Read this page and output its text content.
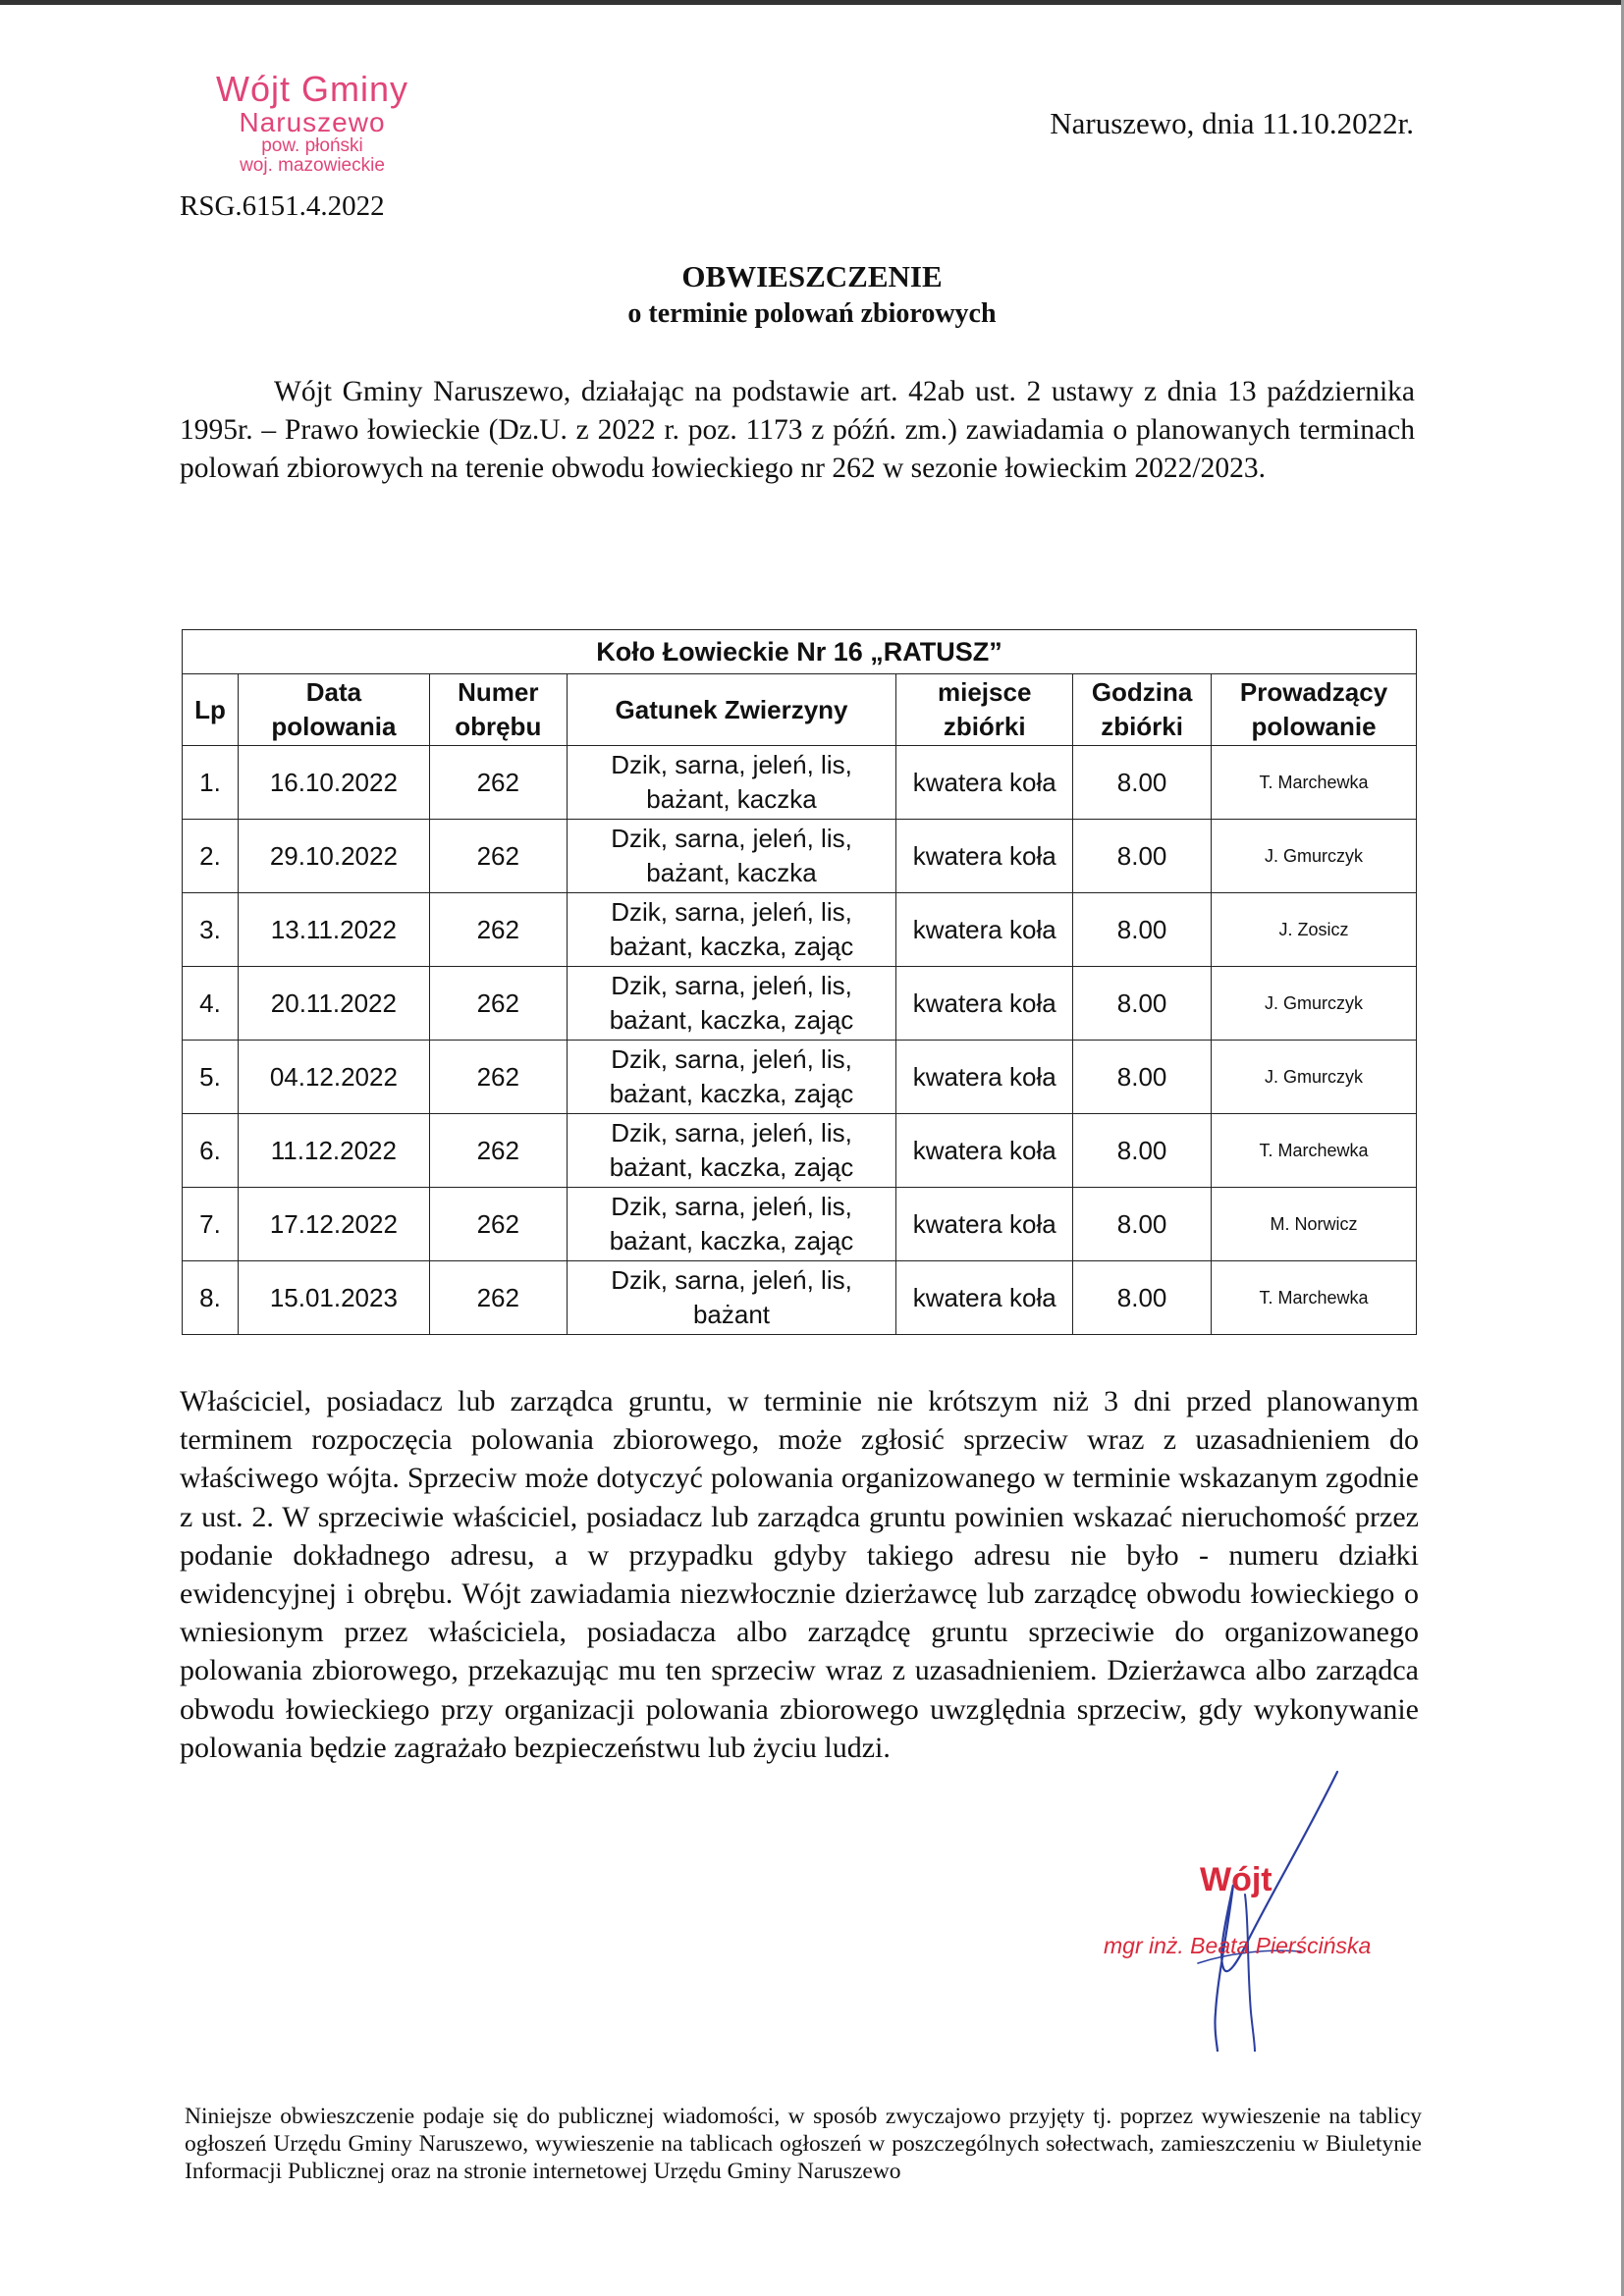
Wójt Gminy
Naruszewo
pow. płoński
woj. mazowieckie
Naruszewo, dnia 11.10.2022r.
RSG.6151.4.2022
OBWIESZCZENIE
o terminie polowań zbiorowych

Wójt Gminy Naruszewo, działając na podstawie art. 42ab ust. 2 ustawy z dnia 13 października 1995r. – Prawo łowieckie (Dz.U. z 2022 r. poz. 1173 z późń. zm.) zawiadamia o planowanych terminach polowań zbiorowych na terenie obwodu łowieckiego nr 262 w sezonie łowieckim 2022/2023.

Koło Łowieckie Nr 16 „RATUSZ”						
Lp	Data polowania	Numer obrębu	Gatunek Zwierzyny	miejsce zbiórki	Godzina zbiórki	Prowadzący polowanie
1.	16.10.2022	262	Dzik, sarna, jeleń, lis, bażant, kaczka	kwatera koła	8.00	T. Marchewka
2.	29.10.2022	262	Dzik, sarna, jeleń, lis, bażant, kaczka	kwatera koła	8.00	J. Gmurczyk
3.	13.11.2022	262	Dzik, sarna, jeleń, lis, bażant, kaczka, zając	kwatera koła	8.00	J. Zosicz
4.	20.11.2022	262	Dzik, sarna, jeleń, lis, bażant, kaczka, zając	kwatera koła	8.00	J. Gmurczyk
5.	04.12.2022	262	Dzik, sarna, jeleń, lis, bażant, kaczka, zając	kwatera koła	8.00	J. Gmurczyk
6.	11.12.2022	262	Dzik, sarna, jeleń, lis, bażant, kaczka, zając	kwatera koła	8.00	T. Marchewka
7.	17.12.2022	262	Dzik, sarna, jeleń, lis, bażant, kaczka, zając	kwatera koła	8.00	M. Norwicz
8.	15.01.2023	262	Dzik, sarna, jeleń, lis, bażant	kwatera koła	8.00	T. Marchewka

Właściciel, posiadacz lub zarządca gruntu, w terminie nie krótszym niż 3 dni przed planowanym terminem rozpoczęcia polowania zbiorowego, może zgłosić sprzeciw wraz z uzasadnieniem do właściwego wójta. Sprzeciw może dotyczyć polowania organizowanego w terminie wskazanym zgodnie z ust. 2. W sprzeciwie właściciel, posiadacz lub zarządca gruntu powinien wskazać nieruchomość przez podanie dokładnego adresu, a w przypadku gdyby takiego adresu nie było - numeru działki ewidencyjnej i obrębu. Wójt zawiadamia niezwłocznie dzierżawcę lub zarządcę obwodu łowieckiego o wniesionym przez właściciela, posiadacza albo zarządcę gruntu sprzeciwie do organizowanego polowania zbiorowego, przekazując mu ten sprzeciw wraz z uzasadnieniem. Dzierżawca albo zarządca obwodu łowieckiego przy organizacji polowania zbiorowego uwzględnia sprzeciw, gdy wykonywanie polowania będzie zagrażało bezpieczeństwu lub życiu ludzi.

Wójt
mgr inż. Beata Pierścińska

Niniejsze obwieszczenie podaje się do publicznej wiadomości, w sposób zwyczajowo przyjęty tj. poprzez wywieszenie na tablicy ogłoszeń Urzędu Gminy Naruszewo, wywieszenie na tablicach ogłoszeń w poszczególnych sołectwach, zamieszczeniu w Biuletynie Informacji Publicznej oraz na stronie internetowej Urzędu Gminy Naruszewo
